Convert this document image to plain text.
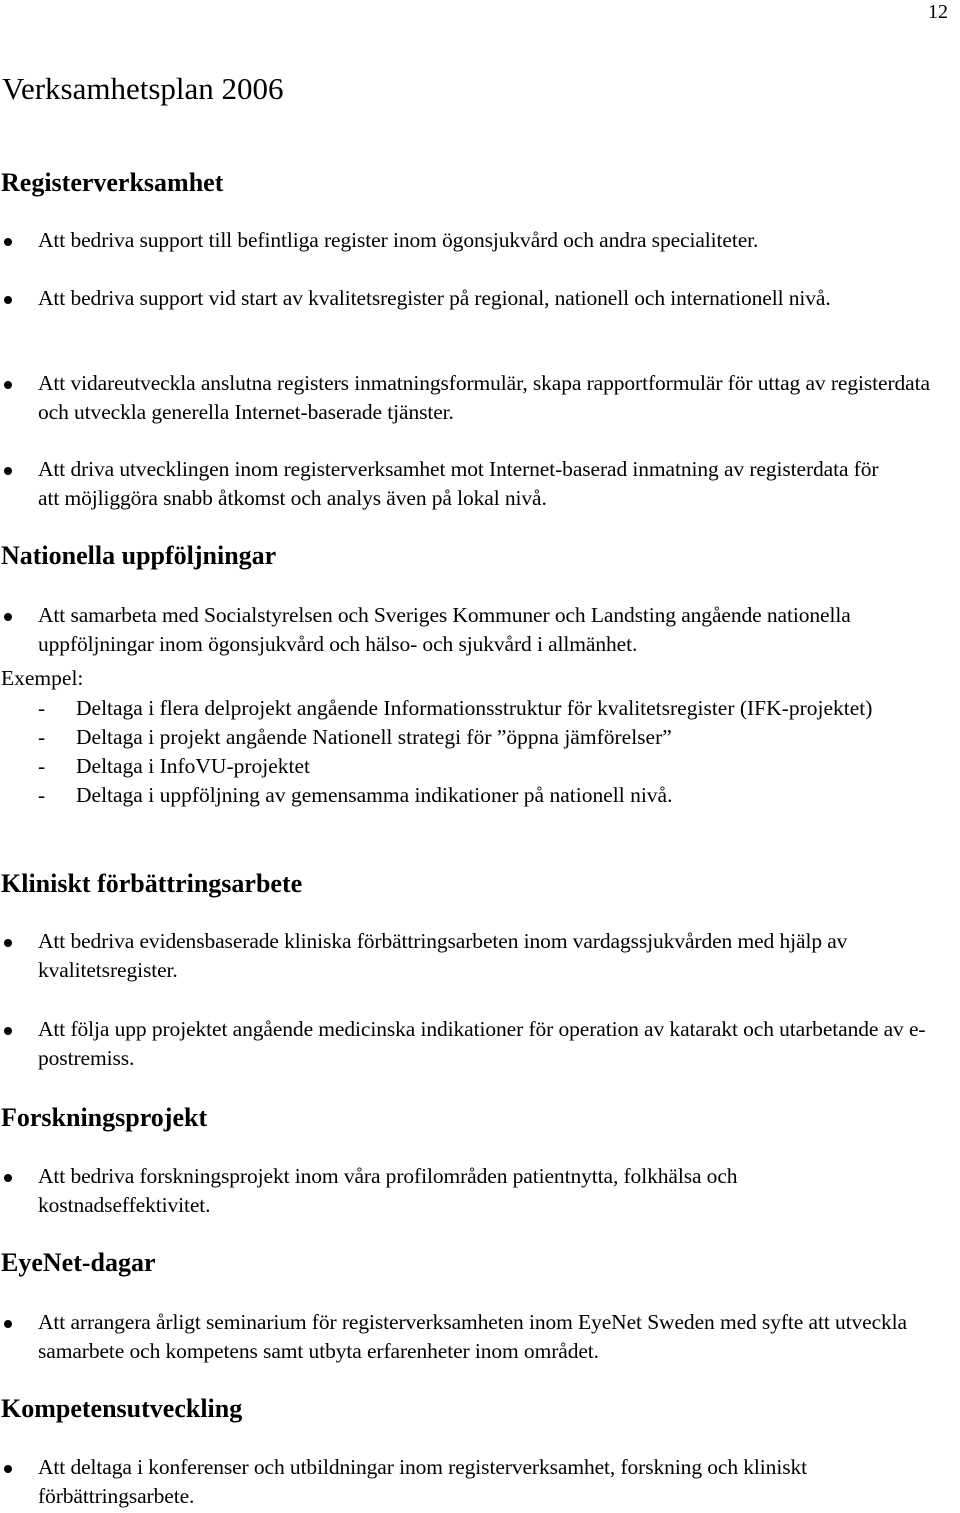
12
Verksamhetsplan 2006
Registerverksamhet
Att bedriva support till befintliga register inom ögonsjukvård och andra specialiteter.
Att bedriva support vid start av kvalitetsregister på regional, nationell och internationell nivå.
Att vidareutveckla anslutna registers inmatningsformulär, skapa rapportformulär för uttag av registerdata och utveckla generella Internet-baserade tjänster.
Att driva utvecklingen inom registerverksamhet mot Internet-baserad inmatning av registerdata för att möjliggöra snabb åtkomst och analys även på lokal nivå.
Nationella uppföljningar
Att samarbeta med Socialstyrelsen och Sveriges Kommuner och Landsting angående nationella uppföljningar inom ögonsjukvård och hälso- och sjukvård i allmänhet.

Exempel:

- Deltaga i flera delprojekt angående Informationsstruktur för kvalitetsregister (IFK-projektet)
- Deltaga i projekt angående Nationell strategi för ”öppna jämförelser”
- Deltaga i InfoVU-projektet
- Deltaga i uppföljning av gemensamma indikationer på nationell nivå.
Kliniskt förbättringsarbete
Att bedriva evidensbaserade kliniska förbättringsarbeten inom vardagssjukvården med hjälp av kvalitetsregister.
Att följa upp projektet angående medicinska indikationer för operation av katarakt och utarbetande av e-postremiss.
Forskningsprojekt
Att bedriva forskningsprojekt inom våra profilområden patientnytta, folkhälsa och kostnadseffektivitet.
EyeNet-dagar
Att arrangera årligt seminarium för registerverksamheten inom EyeNet Sweden med syfte att utveckla samarbete och kompetens samt utbyta erfarenheter inom området.
Kompetensutveckling
Att deltaga i konferenser och utbildningar inom registerverksamhet, forskning och kliniskt förbättringsarbete.
